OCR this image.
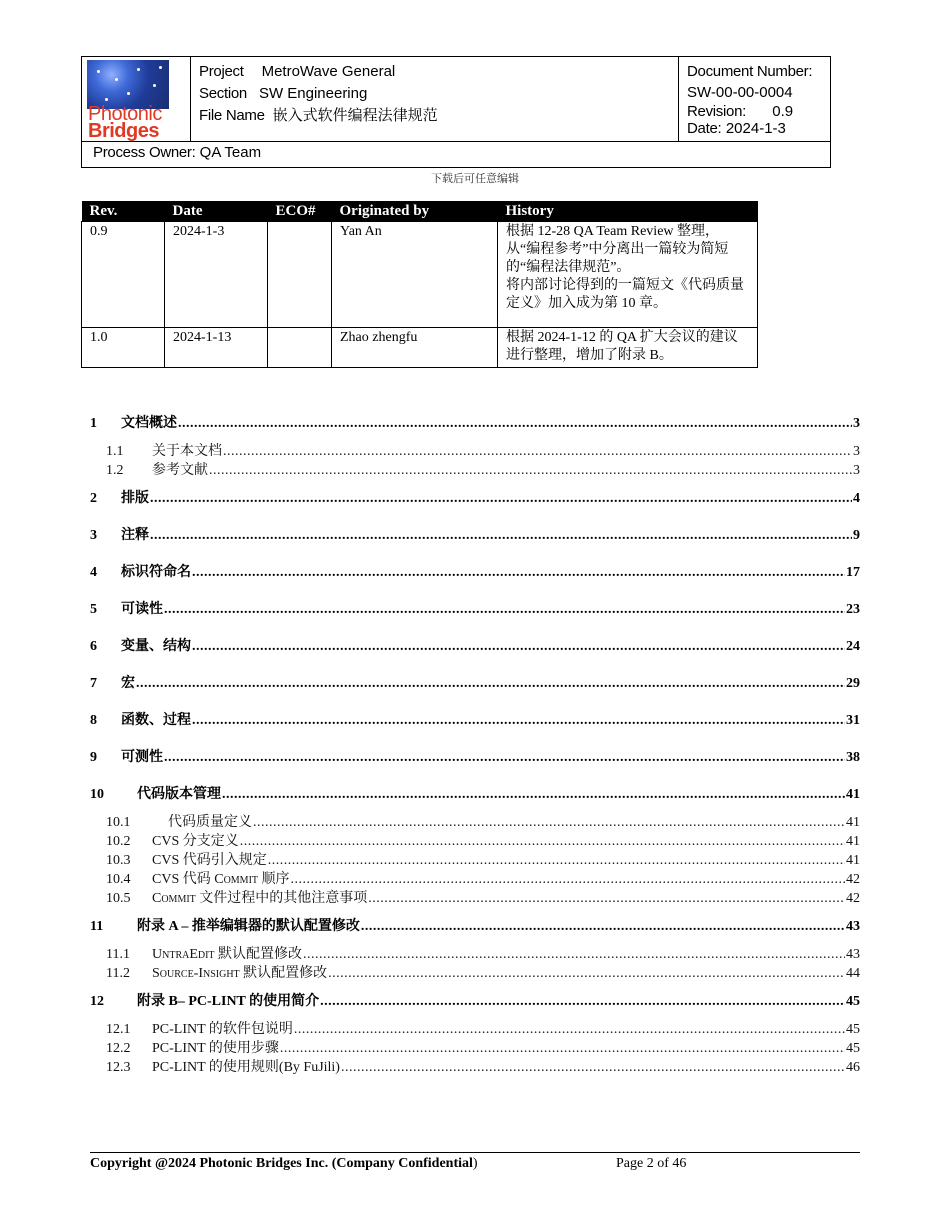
Photonic
Bridges
Project MetroWave General
Section SW Engineering
File Name 嵌入式软件编程法律规范
Document Number:
SW-00-00-0004
Revision: 0.9
Date: 2024-1-3
Process Owner: QA Team
下载后可任意编辑
Rev.	Date	ECO#	Originated by	History
0.9	2024-1-3		Yan An	根据 12-28 QA Team Review 整理，从“编程参考”中分离出一篇较为简短的“编程法律规范”。
将内部讨论得到的一篇短文《代码质量定义》加入成为第 10 章。

1.0	2024-1-13		Zhao zhengfu	根据 2024-1-12 的 QA 扩大会议的建议进行整理，增加了附录 B。
1	文档概述 .....	3
1.1	关于本文档 .....	3
1.2	参考文献 .....	3
2	排版 .....	4
3	注释 .....	9
4	标识符命名 .....	17
5	可读性 .....	23
6	变量、结构 .....	24
7	宏 .....	29
8	函数、过程 .....	31
9	可测性 .....	38
10	代码版本管理 .....	41
10.1	代码质量定义 .....	41
10.2	CVS 分支定义 .....	41
10.3	CVS 代码引入规定 .....	41
10.4	CVS 代码 Commit 顺序 .....	42
10.5	Commit 文件过程中的其他注意事项 .....	42
11	附录 A – 推举编辑器的默认配置修改 .....	43
11.1	UntraEdit 默认配置修改 .....	43
11.2	Source-Insight 默认配置修改 .....	44
12	附录 B– PC-LINT 的使用简介 .....	45
12.1	PC-LINT 的软件包说明 .....	45
12.2	PC-LINT 的使用步骤 .....	45
12.3	PC-LINT 的使用规则(By FuJili) .....	46
Copyright @2024 Photonic Bridges Inc. (Company Confidential)	Page 2 of 46
